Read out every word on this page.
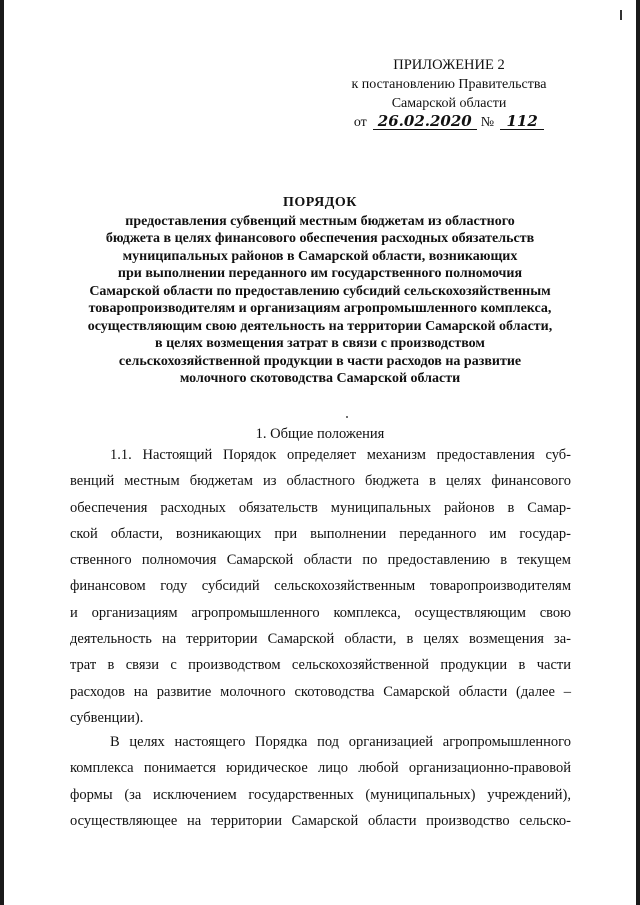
ПРИЛОЖЕНИЕ 2
к постановлению Правительства
Самарской области
от 26.02.2020 № 112
ПОРЯДОК
предоставления субвенций местным бюджетам из областного
бюджета в целях финансового обеспечения расходных обязательств
муниципальных районов в Самарской области, возникающих
при выполнении переданного им государственного полномочия
Самарской области по предоставлению субсидий сельскохозяйственным
товаропроизводителям и организациям агропромышленного комплекса,
осуществляющим свою деятельность на территории Самарской области,
в целях возмещения затрат в связи с производством
сельскохозяйственной продукции в части расходов на развитие
молочного скотоводства Самарской области
1. Общие положения
1.1. Настоящий Порядок определяет механизм предоставления суб-
венций местным бюджетам из областного бюджета в целях финансового
обеспечения расходных обязательств муниципальных районов в Самар-
ской области, возникающих при выполнении переданного им государ-
ственного полномочия Самарской области по предоставлению в текущем
финансовом году субсидий сельскохозяйственным товаропроизводителям
и организациям агропромышленного комплекса, осуществляющим свою
деятельность на территории Самарской области, в целях возмещения за-
трат в связи с производством сельскохозяйственной продукции в части
расходов на развитие молочного скотоводства Самарской области (далее –
субвенции).
В целях настоящего Порядка под организацией агропромышленного
комплекса понимается юридическое лицо любой организационно-правовой
формы (за исключением государственных (муниципальных) учреждений),
осуществляющее на территории Самарской области производство сельско-
